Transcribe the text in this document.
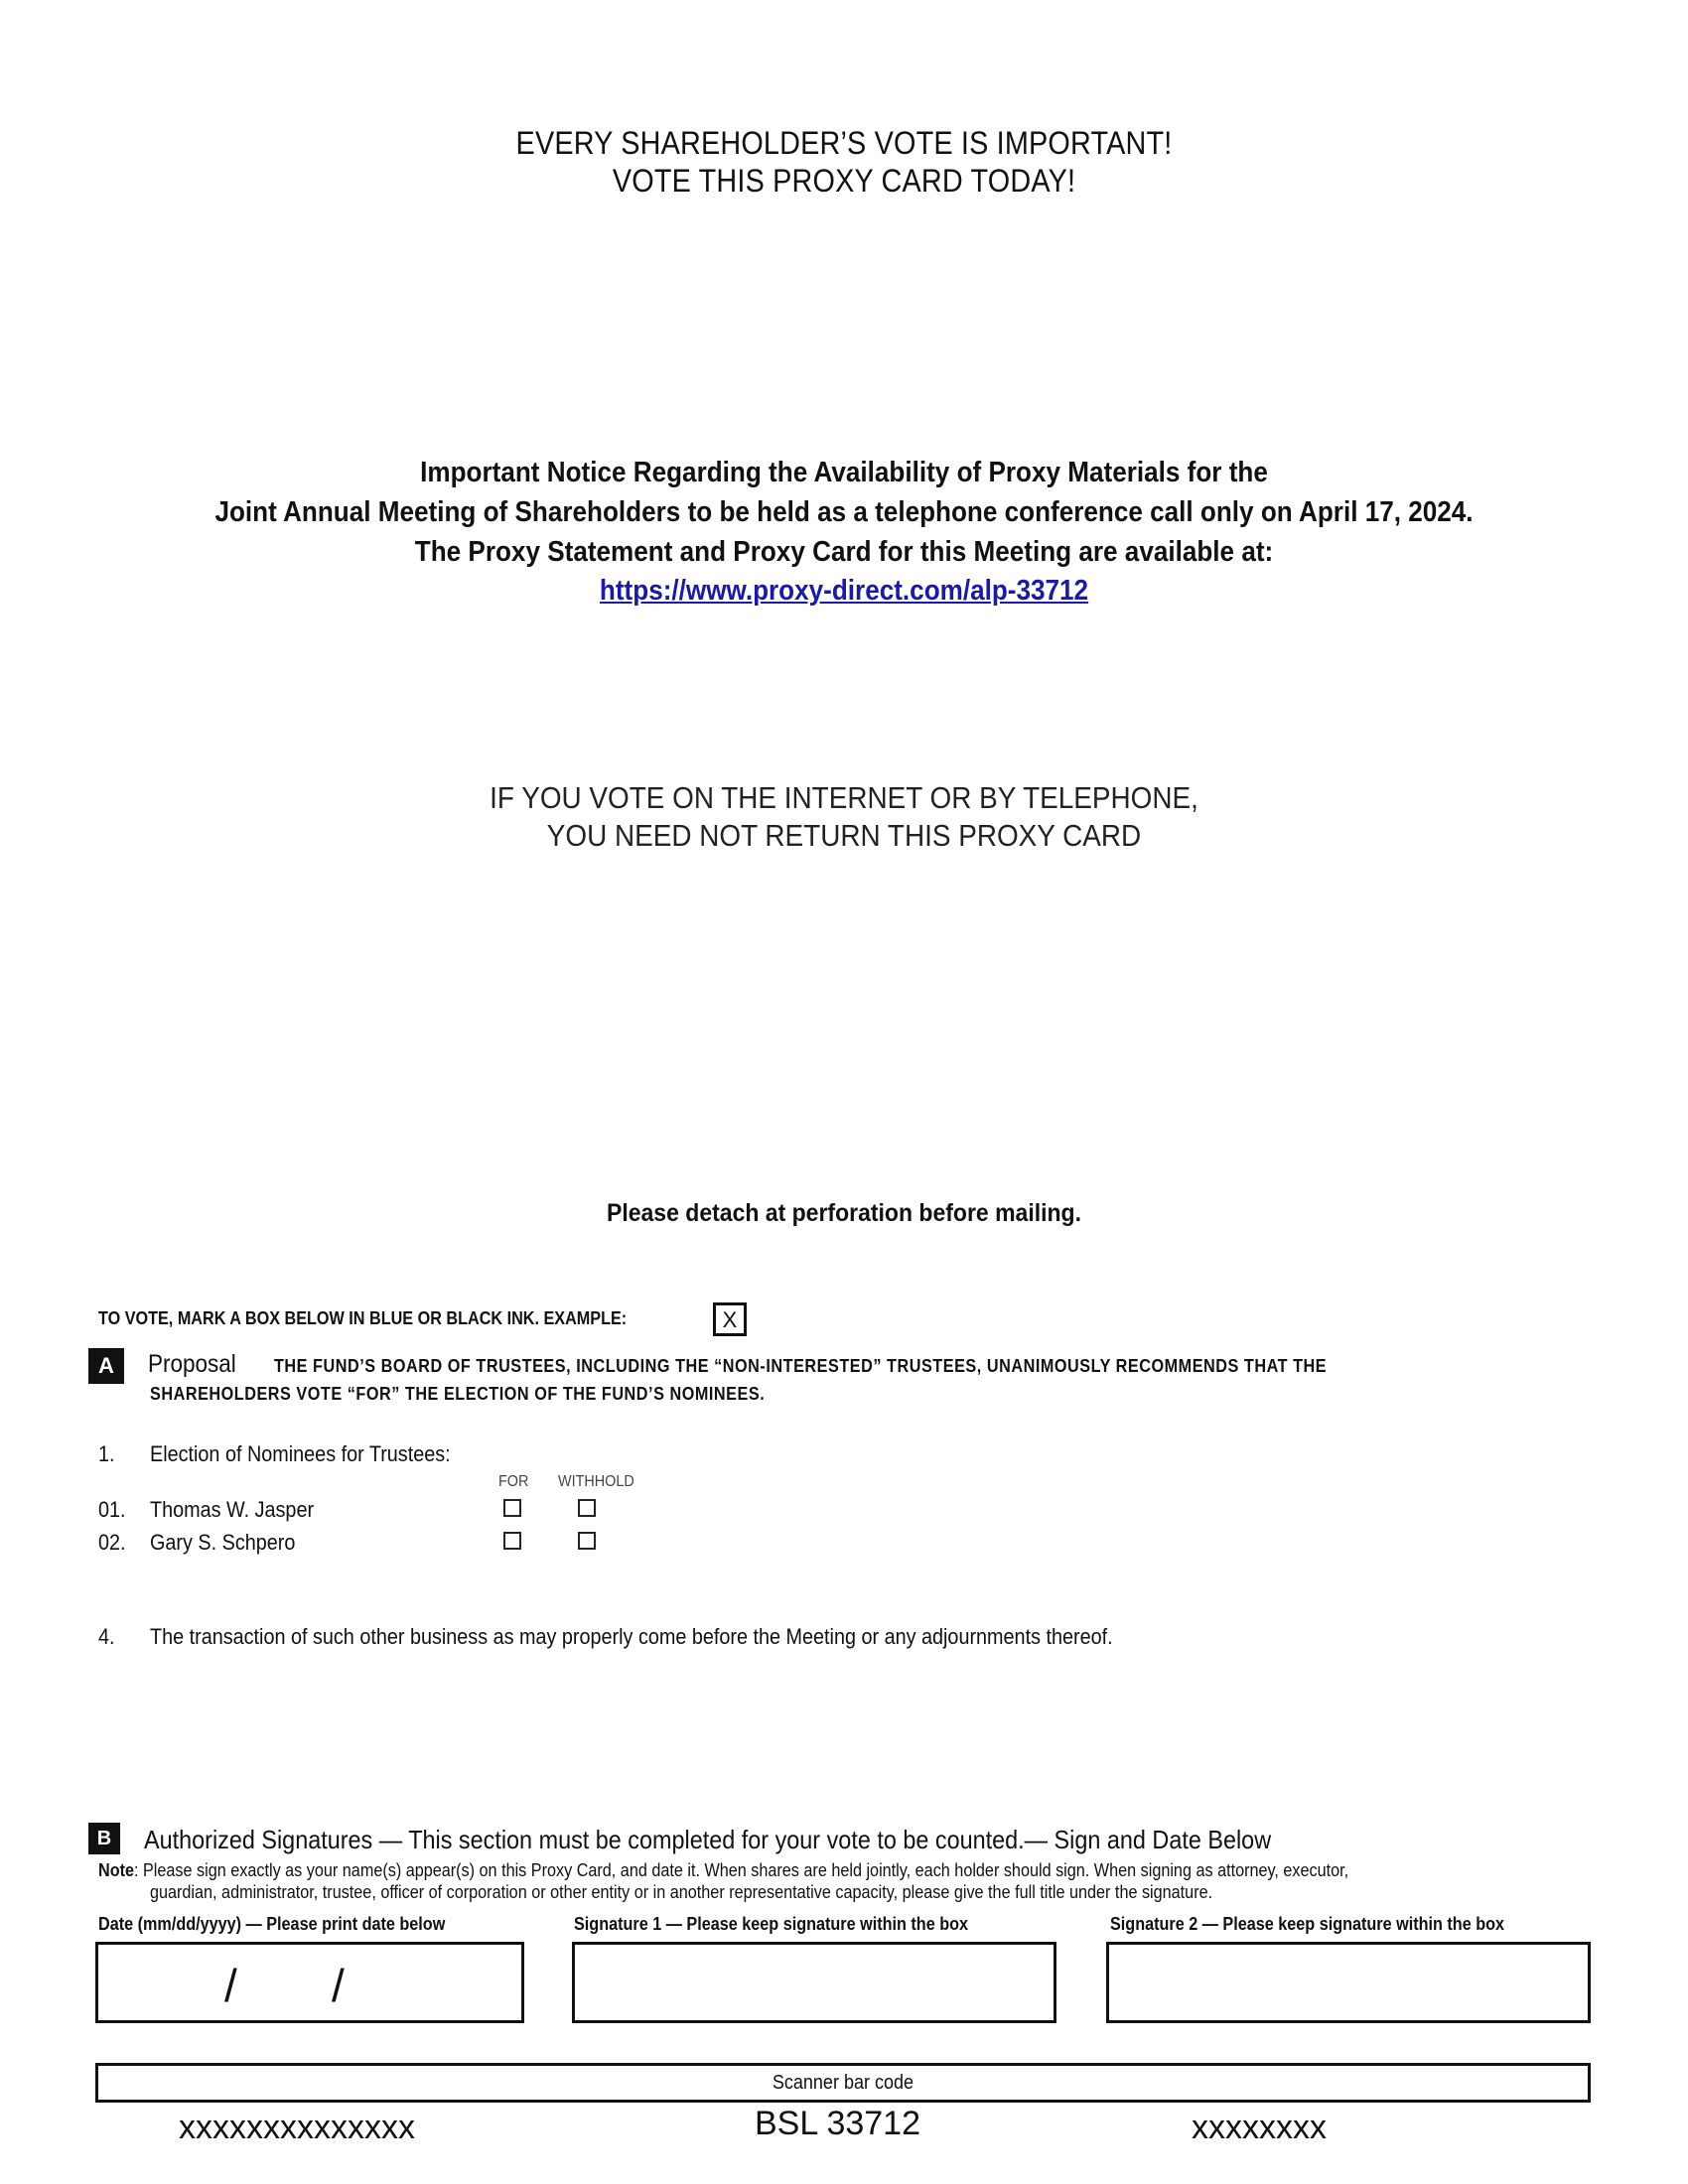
EVERY SHAREHOLDER’S VOTE IS IMPORTANT!
VOTE THIS PROXY CARD TODAY!
Important Notice Regarding the Availability of Proxy Materials for the
Joint Annual Meeting of Shareholders to be held as a telephone conference call only on April 17, 2024.
The Proxy Statement and Proxy Card for this Meeting are available at:
https://www.proxy-direct.com/alp-33712
IF YOU VOTE ON THE INTERNET OR BY TELEPHONE,
YOU NEED NOT RETURN THIS PROXY CARD
Please detach at perforation before mailing.
TO VOTE, MARK A BOX BELOW IN BLUE OR BLACK INK. EXAMPLE:	X
A	Proposal THE FUND’S BOARD OF TRUSTEES, INCLUDING THE “NON-INTERESTED” TRUSTEES, UNANIMOUSLY RECOMMENDS THAT THE
SHAREHOLDERS VOTE “FOR” THE ELECTION OF THE FUND’S NOMINEES.
1. Election of Nominees for Trustees:
FOR WITHHOLD
01. Thomas W. Jasper
02. Gary S. Schpero
4. The transaction of such other business as may properly come before the Meeting or any adjournments thereof.
B	Authorized Signatures — This section must be completed for your vote to be counted.— Sign and Date Below
Note: Please sign exactly as your name(s) appear(s) on this Proxy Card, and date it. When shares are held jointly, each holder should sign. When signing as attorney, executor,
guardian, administrator, trustee, officer of corporation or other entity or in another representative capacity, please give the full title under the signature.
Date (mm/dd/yyyy) — Please print date below	Signature 1 — Please keep signature within the box	Signature 2 — Please keep signature within the box
/ /
Scanner bar code
xxxxxxxxxxxxxx	BSL 33712	xxxxxxxx
